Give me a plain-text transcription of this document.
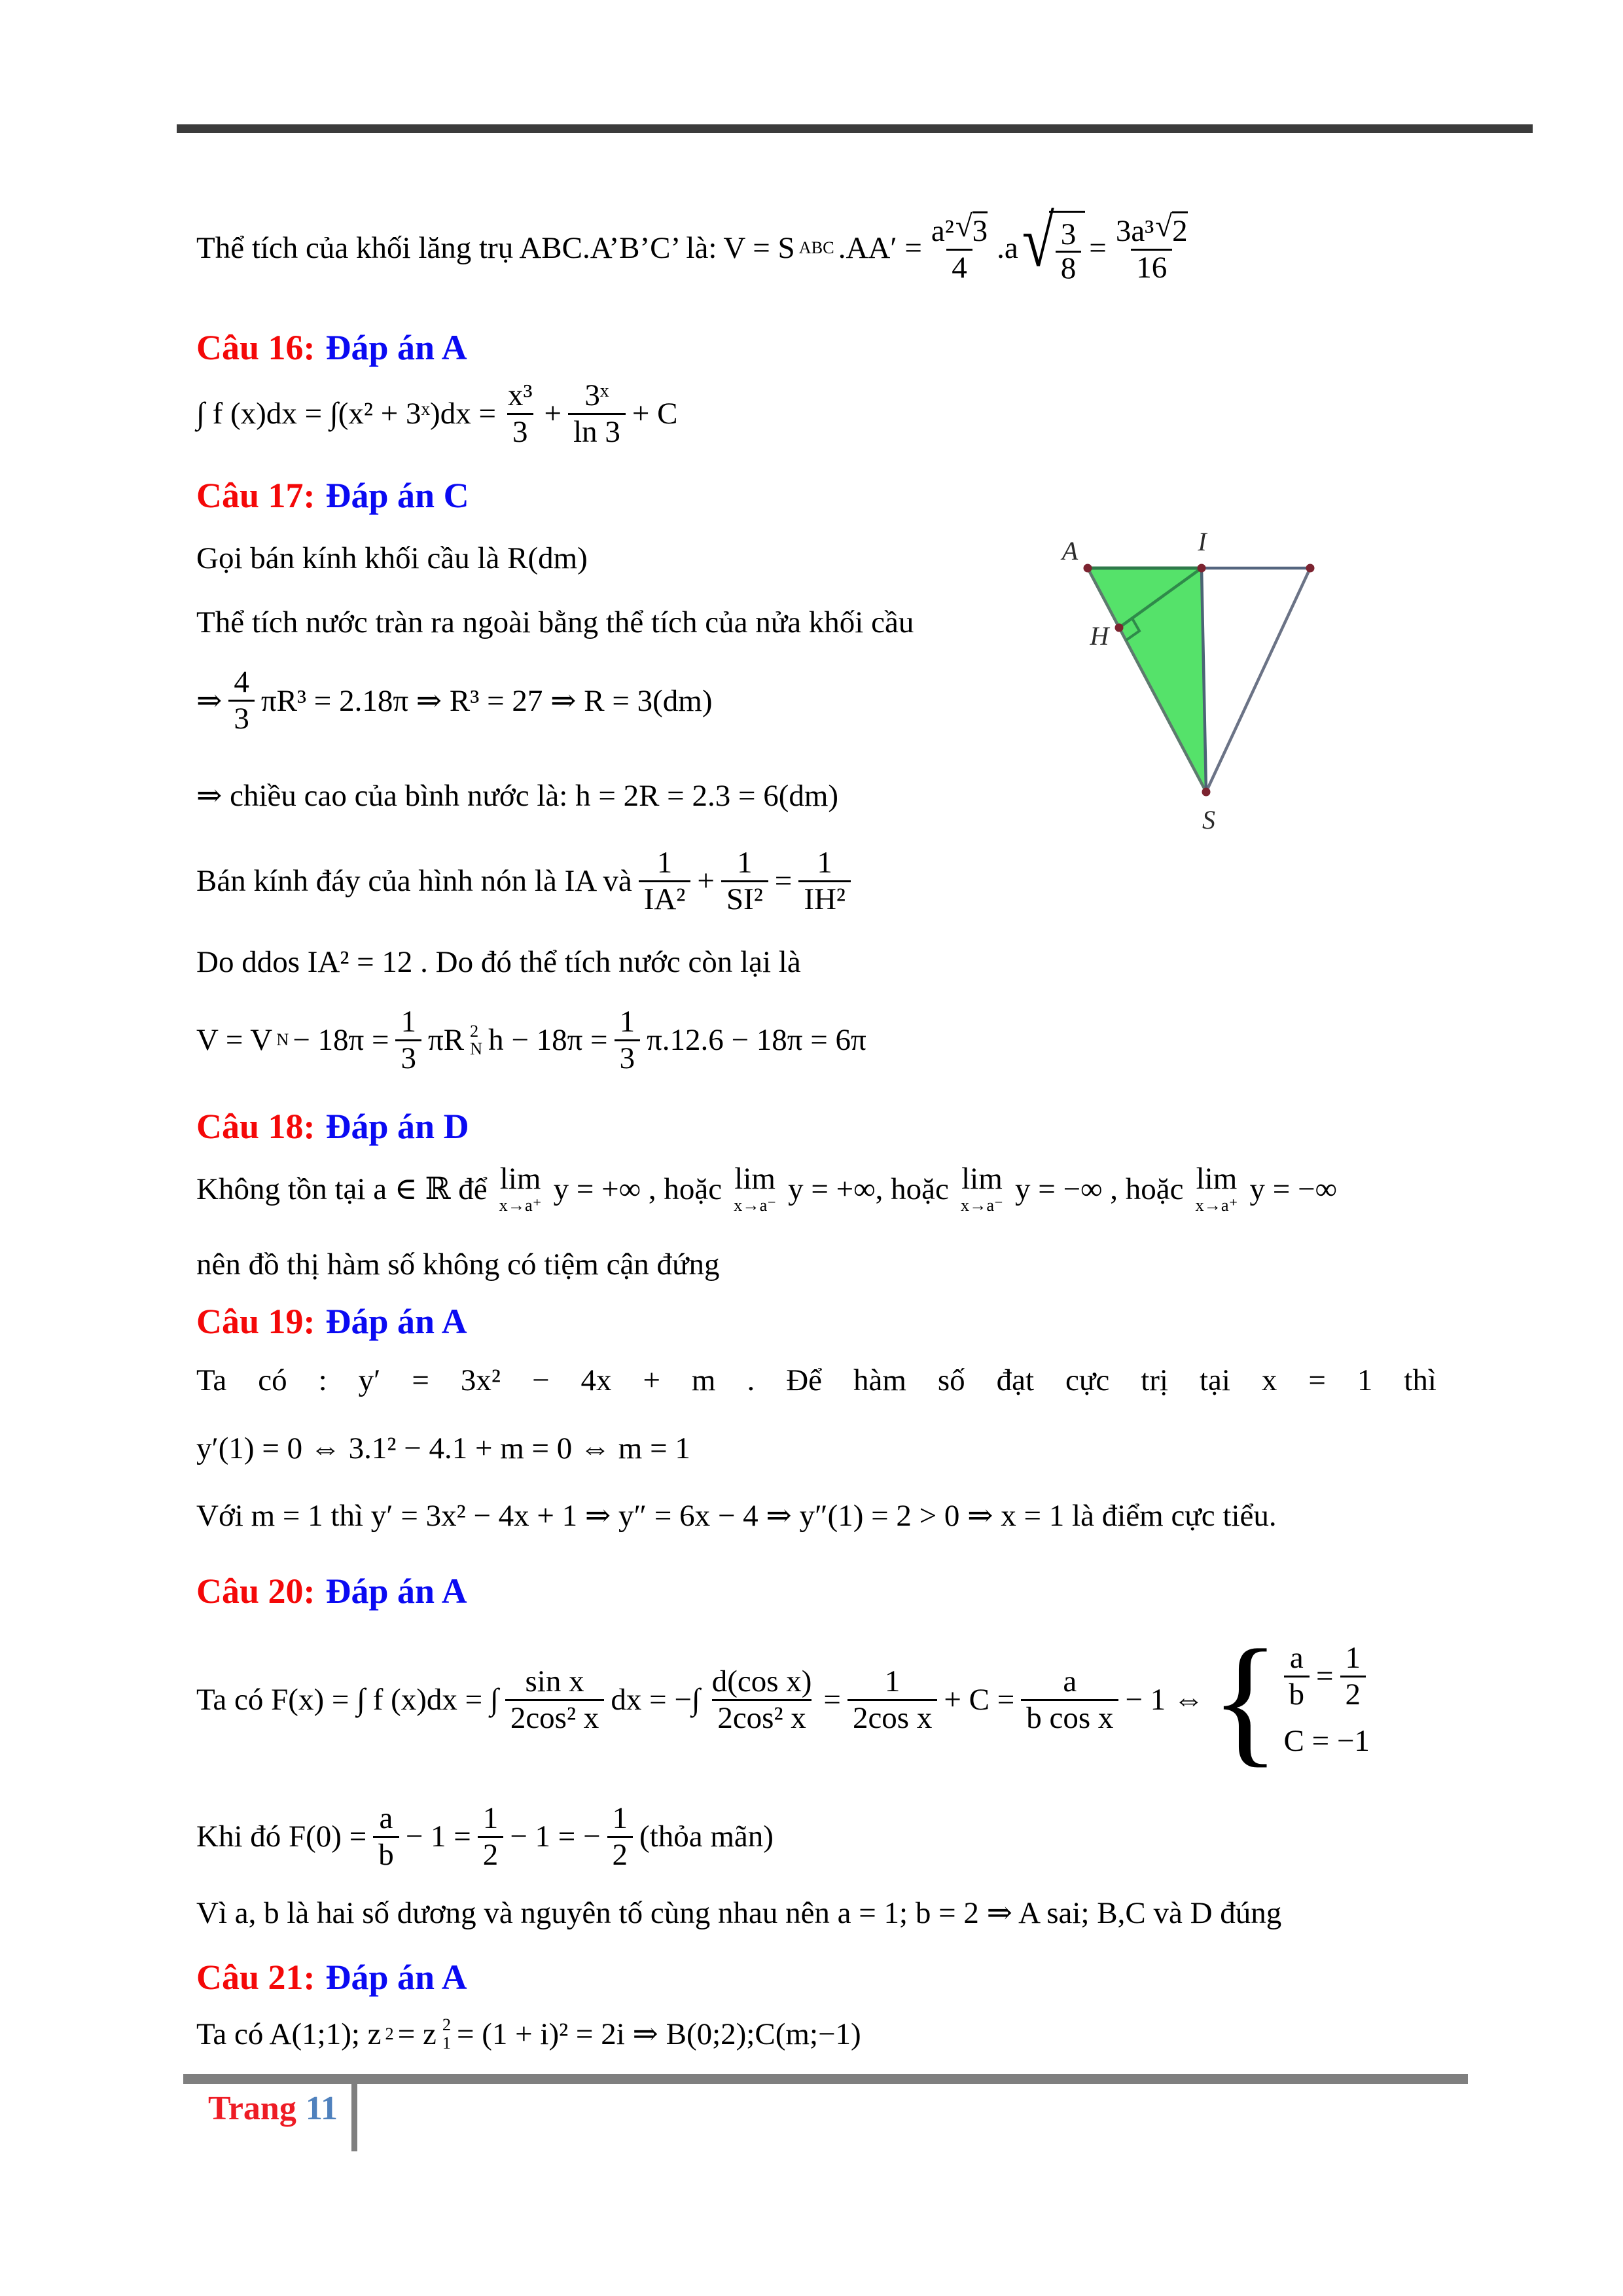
Thể tích của khối lăng trụ ABC.A’B’C’ là: V = S ABC $.AA' = \frac{\text{a² √ 3}}{4} .a$ √ $\frac{3}{8} = \frac{\text{3a³ √ 2}}{16}$
Câu 16: Đáp án A
∫ f (x)dx = ∫(x² + 3ˣ)dx = $\frac{\text{x³}}{3} + \frac{\text{3ˣ}}{\ln 3} + C$
Câu 17: Đáp án C
Gọi bán kính khối cầu là R(dm)
Thể tích nước tràn ra ngoài bằng thể tích của nửa khối cầu
⇒ $\frac{4}{3} \pi R^3 = 2.18\pi$ ⇒ R³ = 27 ⇒ R = 3(dm)
⇒ chiều cao của bình nước là: h = 2R = 2.3 = 6(dm)
Bán kính đáy của hình nón là IA và $\frac{1}{\text{IA²}} + \frac{1}{\text{SI²}} = \frac{1}{\text{IH²}}$
Do ddos IA² = 12 . Do đó thể tích nước còn lại là
V = V $N - 18\pi = \frac{1}{3}$ πR 2
N $h - 18\pi = \frac{1}{3} \pi.12.6 - 18\pi = 6\pi$
Câu 18: Đáp án D
Không tồn tại a ∈ ℝ để lim
x→a⁺ y = +∞ , hoặc lim
x→a⁻ y = +∞, hoặc lim
x→a⁻ y = −∞ , hoặc lim
x→a⁺ y = −∞
nên đồ thị hàm số không có tiệm cận đứng
Câu 19: Đáp án A
Ta có : y′ = 3x² − 4x + m . Để hàm số đạt cực trị tại x = 1 thì
y′(1) = 0 ⇔ 3.1² − 4.1 + m = 0 ⇔ m = 1
Với m = 1 thì y′ = 3x² − 4x + 1 ⇒ y″ = 6x − 4 ⇒ y″(1) = 2 > 0 ⇒ x = 1 là điểm cực tiểu.
Câu 20: Đáp án A
Ta có F(x) = ∫ f (x)dx = ∫ $\frac{\text{sin x}}{\text{2cos² x}}$ dx = −∫ $\frac{\text{d(cos x)}}{\text{2cos² x}} = \frac{1}{\text{2cos x}} + C = \frac{a}{\text{b cos x}} - 1$ ⇔ { $\frac{a}{b} = \frac{1}{2}$
C = −1
Khi đó $F(0) = \frac{a}{b} - 1 = \frac{1}{2} - 1$ = − $\frac{1}{2}$ (thỏa mãn)
Vì a, b là hai số dương và nguyên tố cùng nhau nên a = 1; b = 2 ⇒ A sai; B,C và D đúng
Câu 21: Đáp án A
Ta có A(1;1); z 2 = z 2
1 = (1 + i)² = 2i ⇒ B(0;2);C(m;−1)
A	I
H
S
Trang 11
